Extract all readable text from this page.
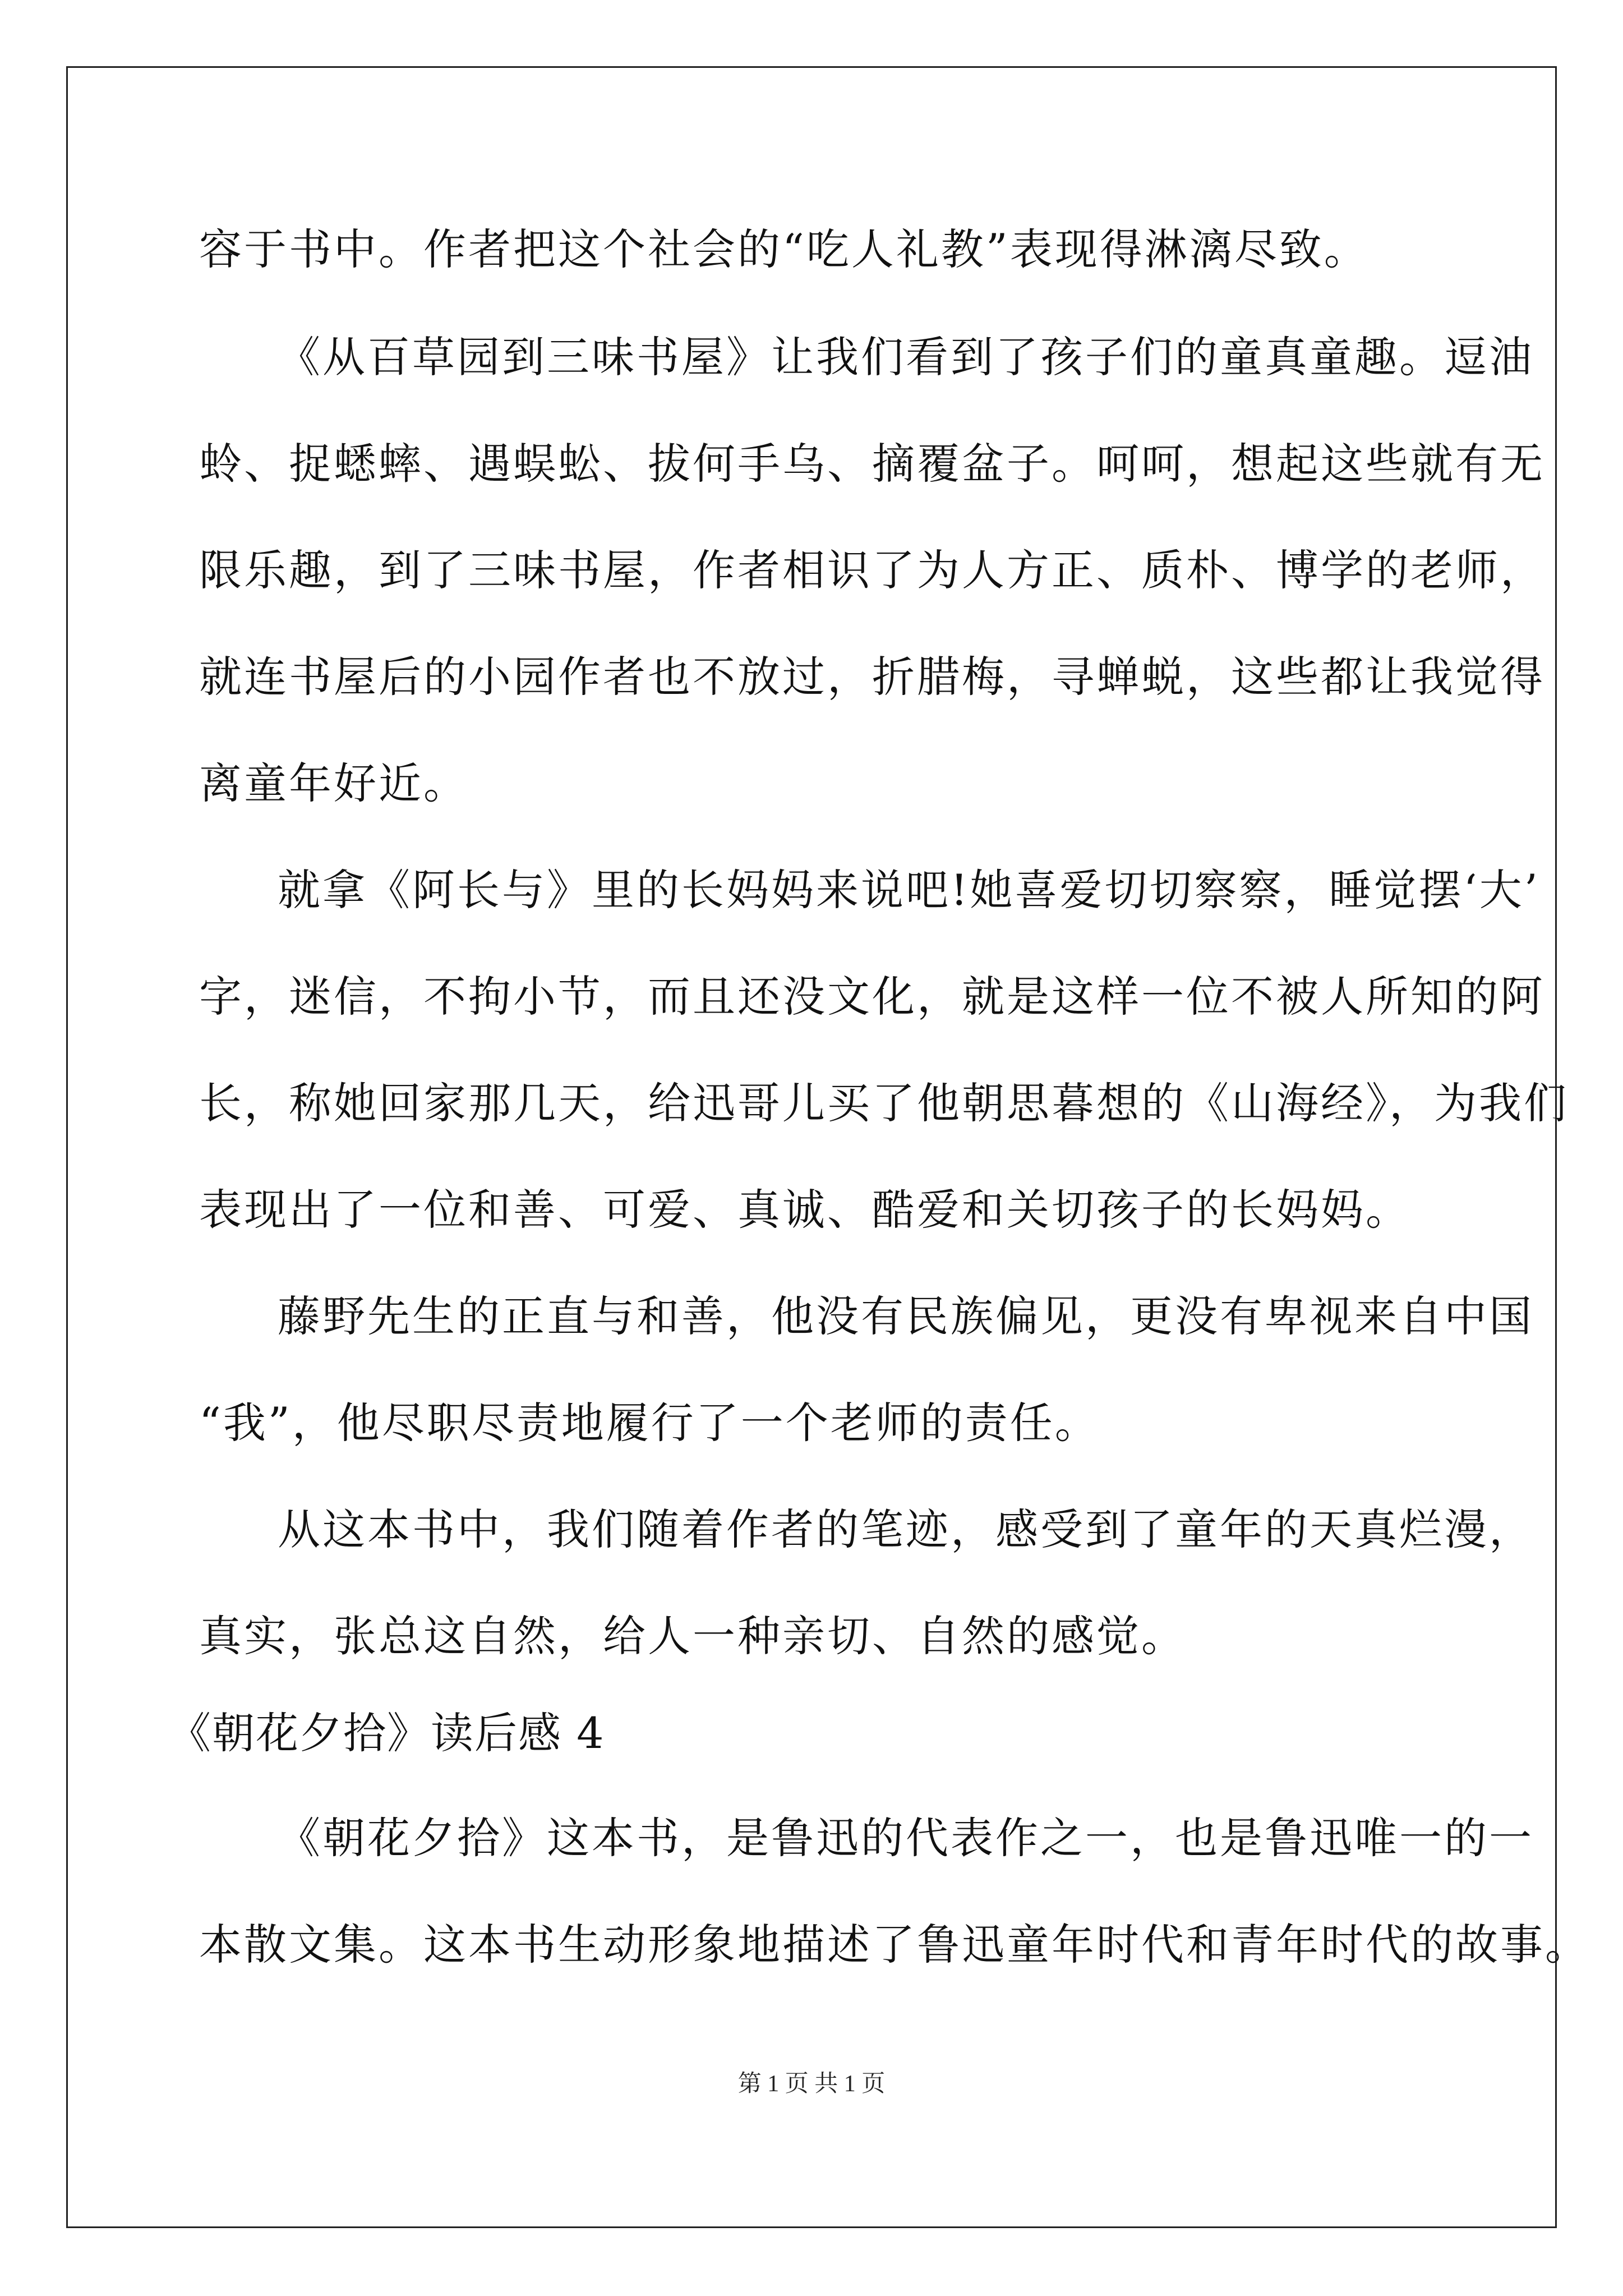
容于书中。作者把这个社会的“吃人礼教”表现得淋漓尽致。
《从百草园到三味书屋》让我们看到了孩子们的童真童趣。逗油
蛉、捉蟋蟀、遇蜈蚣、拔何手乌、摘覆盆子。呵呵，想起这些就有无
限乐趣，到了三味书屋，作者相识了为人方正、质朴、博学的老师，
就连书屋后的小园作者也不放过，折腊梅，寻蝉蜕，这些都让我觉得
离童年好近。
就拿《阿长与》里的长妈妈来说吧!她喜爱切切察察，睡觉摆‘大’
字，迷信，不拘小节，而且还没文化，就是这样一位不被人所知的阿
长，称她回家那几天，给迅哥儿买了他朝思暮想的《山海经》，为我们
表现出了一位和善、可爱、真诚、酷爱和关切孩子的长妈妈。
藤野先生的正直与和善，他没有民族偏见，更没有卑视来自中国
“我”，他尽职尽责地履行了一个老师的责任。
从这本书中，我们随着作者的笔迹，感受到了童年的天真烂漫，
真实，张总这自然，给人一种亲切、自然的感觉。
《朝花夕拾》读后感 4
《朝花夕拾》这本书，是鲁迅的代表作之一，也是鲁迅唯一的一
本散文集。这本书生动形象地描述了鲁迅童年时代和青年时代的故事。
第 1 页 共 1 页
